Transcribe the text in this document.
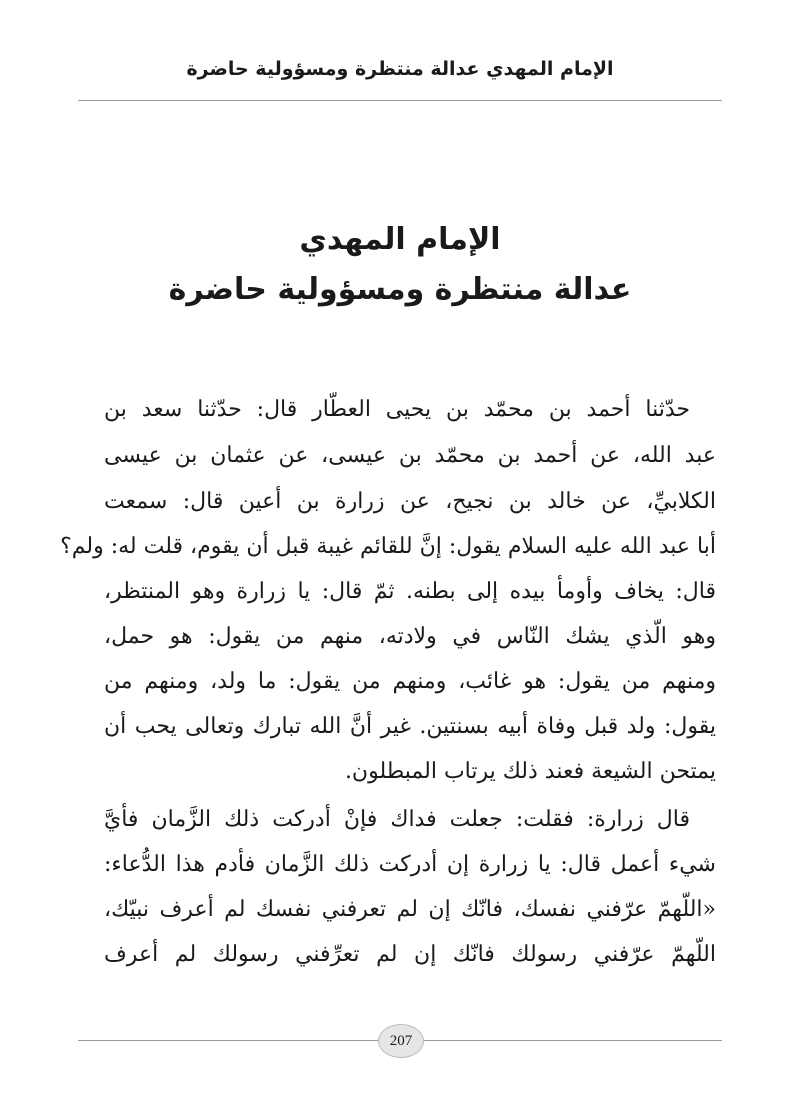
الإمام المهدي عدالة منتظرة ومسؤولية حاضرة
الإمام المهدي
عدالة منتظرة ومسؤولية حاضرة
حدّثنا أحمد بن محمّد بن يحيى العطّار قال: حدّثنا سعد بن
عبد الله، عن أحمد بن محمّد بن عيسى، عن عثمان بن عيسى
الكلابيِّ، عن خالد بن نجيح، عن زرارة بن أعين قال: سمعت
أبا عبد الله عليه السلام يقول: إنَّ للقائم غيبة قبل أن يقوم، قلت له: ولم؟
قال: يخاف وأومأ بيده إلى بطنه. ثمّ قال: يا زرارة وهو المنتظر،
وهو الّذي يشك النّاس في ولادته، منهم من يقول: هو حمل،
ومنهم من يقول: هو غائب، ومنهم من يقول: ما ولد، ومنهم من
يقول: ولد قبل وفاة أبيه بسنتين. غير أنَّ الله تبارك وتعالى يحب أن
يمتحن الشيعة فعند ذلك يرتاب المبطلون.
قال زرارة: فقلت: جعلت فداك فإنْ أدركت ذلك الزَّمان فأيَّ
شيء أعمل قال: يا زرارة إن أدركت ذلك الزَّمان فأدم هذا الدُّعاء:
«اللّهمّ عرّفني نفسك، فانّك إن لم تعرفني نفسك لم أعرف نبيّك،
اللّهمّ عرّفني رسولك فانّك إن لم تعرِّفني رسولك لم أعرف
207
